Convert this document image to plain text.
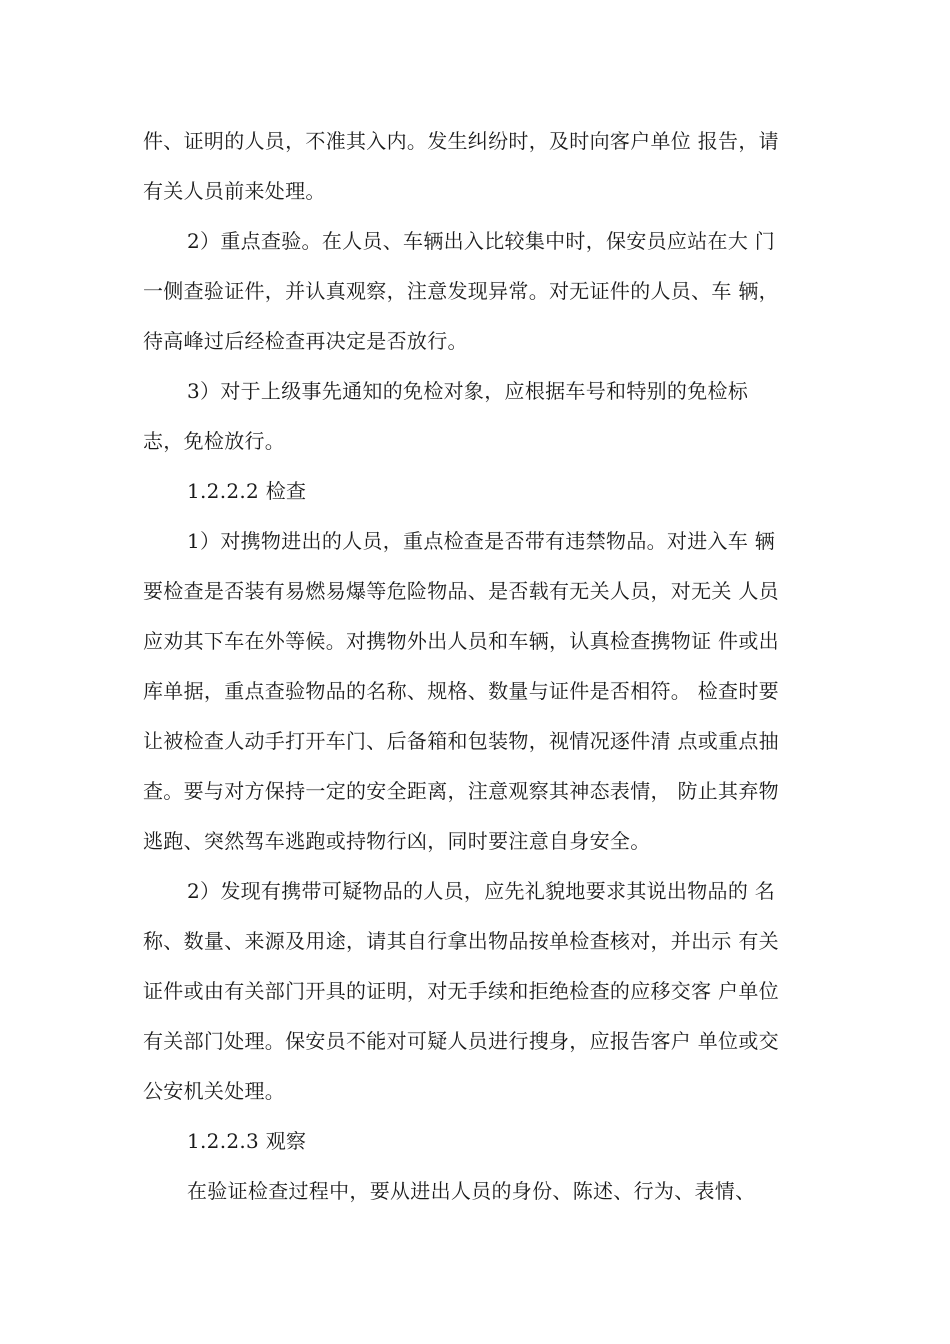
件、证明的人员，不准其入内。发生纠纷时，及时向客户单位 报告，请
有关人员前来处理。
2）重点查验。在人员、车辆出入比较集中时，保安员应站在大 门
一侧查验证件，并认真观察，注意发现异常。对无证件的人员、车 辆，
待高峰过后经检查再决定是否放行。
3）对于上级事先通知的免检对象，应根据车号和特别的免检标
志，免检放行。
1.2.2.2 检查
1）对携物进出的人员，重点检查是否带有违禁物品。对进入车 辆
要检查是否装有易燃易爆等危险物品、是否载有无关人员，对无关 人员
应劝其下车在外等候。对携物外出人员和车辆，认真检查携物证 件或出
库单据，重点查验物品的名称、规格、数量与证件是否相符。 检查时要
让被检查人动手打开车门、后备箱和包装物，视情况逐件清 点或重点抽
查。要与对方保持一定的安全距离，注意观察其神态表情， 防止其弃物
逃跑、突然驾车逃跑或持物行凶，同时要注意自身安全。
2）发现有携带可疑物品的人员，应先礼貌地要求其说出物品的 名
称、数量、来源及用途，请其自行拿出物品按单检查核对，并出示 有关
证件或由有关部门开具的证明，对无手续和拒绝检查的应移交客 户单位
有关部门处理。保安员不能对可疑人员进行搜身，应报告客户 单位或交
公安机关处理。
1.2.2.3 观察
在验证检查过程中，要从进出人员的身份、陈述、行为、表情、
